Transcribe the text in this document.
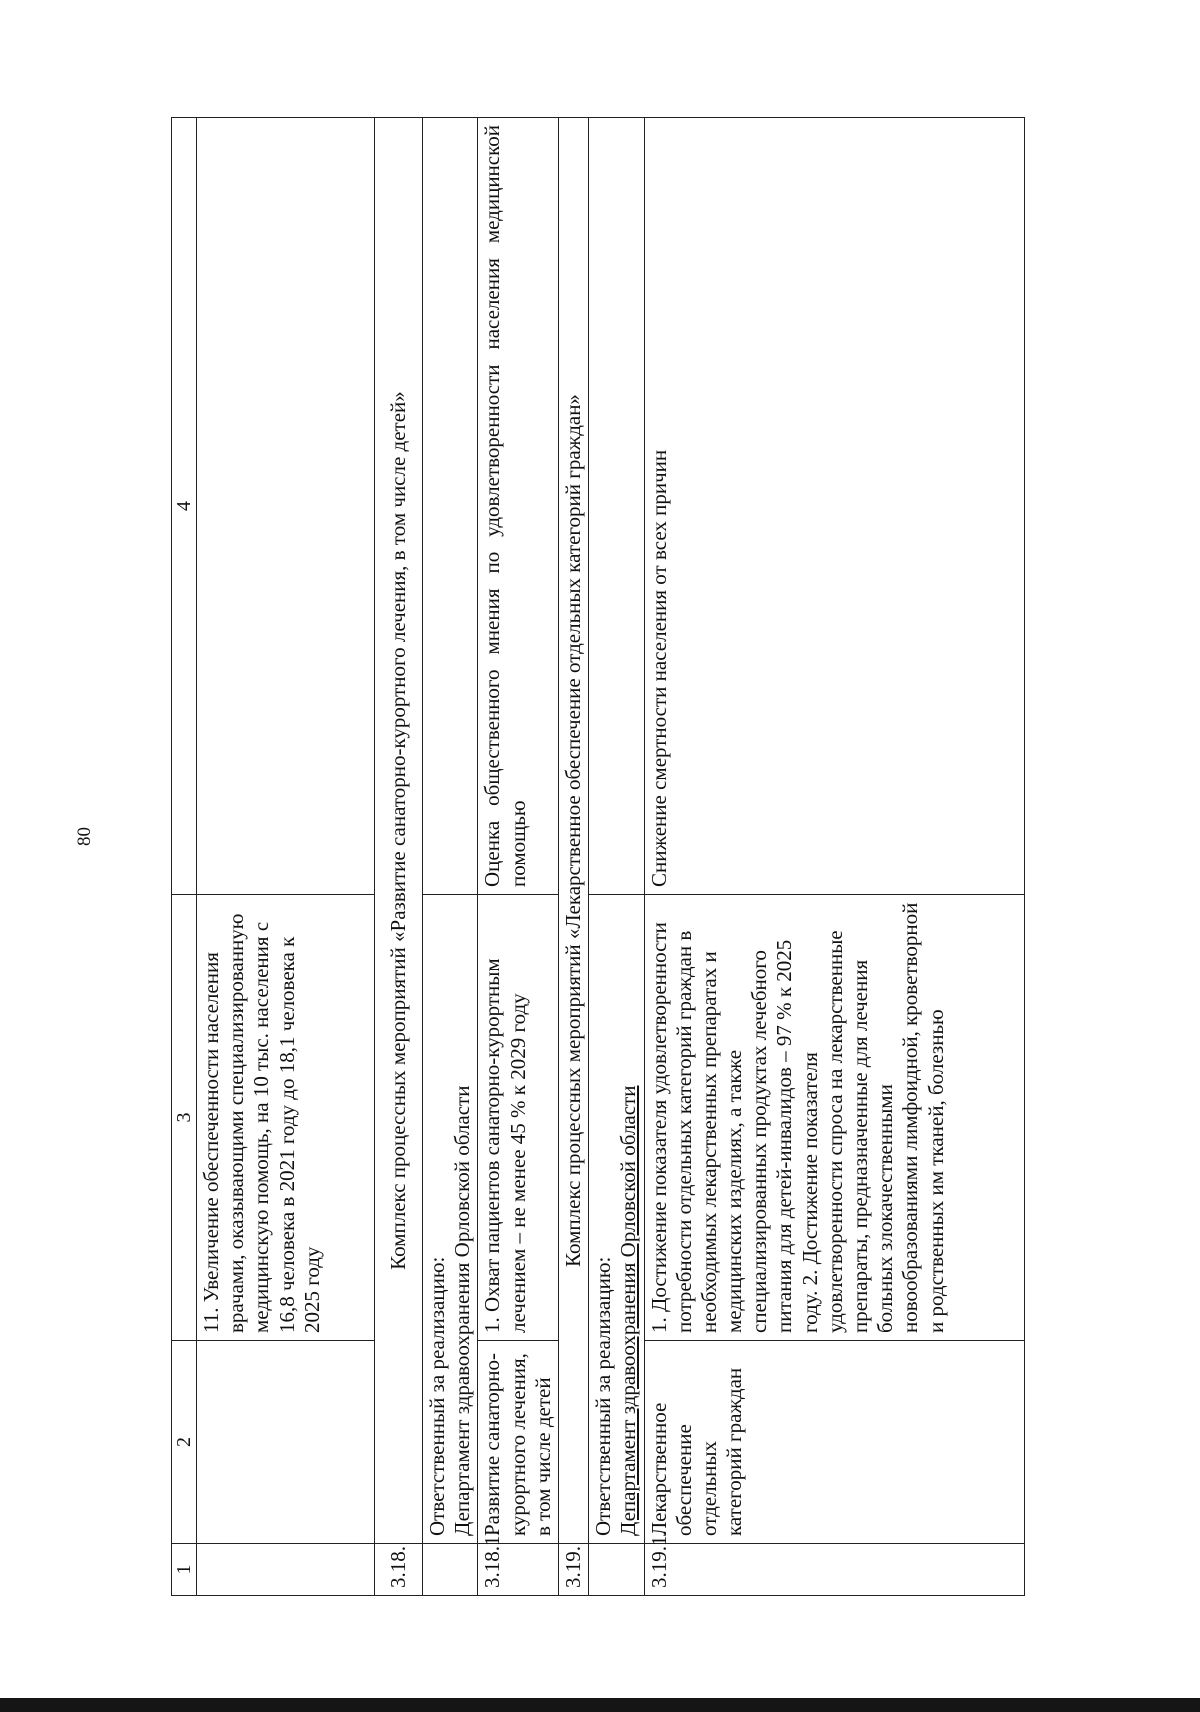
80
1	2	3	4
		11. Увеличение обеспеченности населения врачами, оказывающими специализированную медицинскую помощь, на 10 тыс. населения с 16,8 человека в 2021 году до 18,1 человека к 2025 году	
3.18.	Комплекс процессных мероприятий «Развитие санаторно-курортного лечения, в том числе детей»		

	Ответственный за реализацию: Департамент здравоохранения Орловской области		

3.18.1.	Развитие санаторно-курортного лечения, в том числе детей	1. Охват пациентов санаторно-курортным лечением – не менее 45 % к 2029 году	Оценка общественного мнения по удовлетворенности населения медицинской помощью
3.19.	Комплекс процессных мероприятий «Лекарственное обеспечение отдельных категорий граждан»		

	Ответственный за реализацию: Департамент здравоохранения Орловской области		

3.19.1.	Лекарственное обеспечение отдельных категорий граждан	1. Достижение показателя удовлетворенности потребности отдельных категорий граждан в необходимых лекарственных препаратах и медицинских изделиях, а также специализированных продуктах лечебного питания для детей-инвалидов – 97 % к 2025 году. 2. Достижение показателя удовлетворенности спроса на лекарственные препараты, предназначенные для лечения больных злокачественными новообразованиями лимфоидной, кроветворной и родственных им тканей, болезнью	Снижение смертности населения от всех причин
